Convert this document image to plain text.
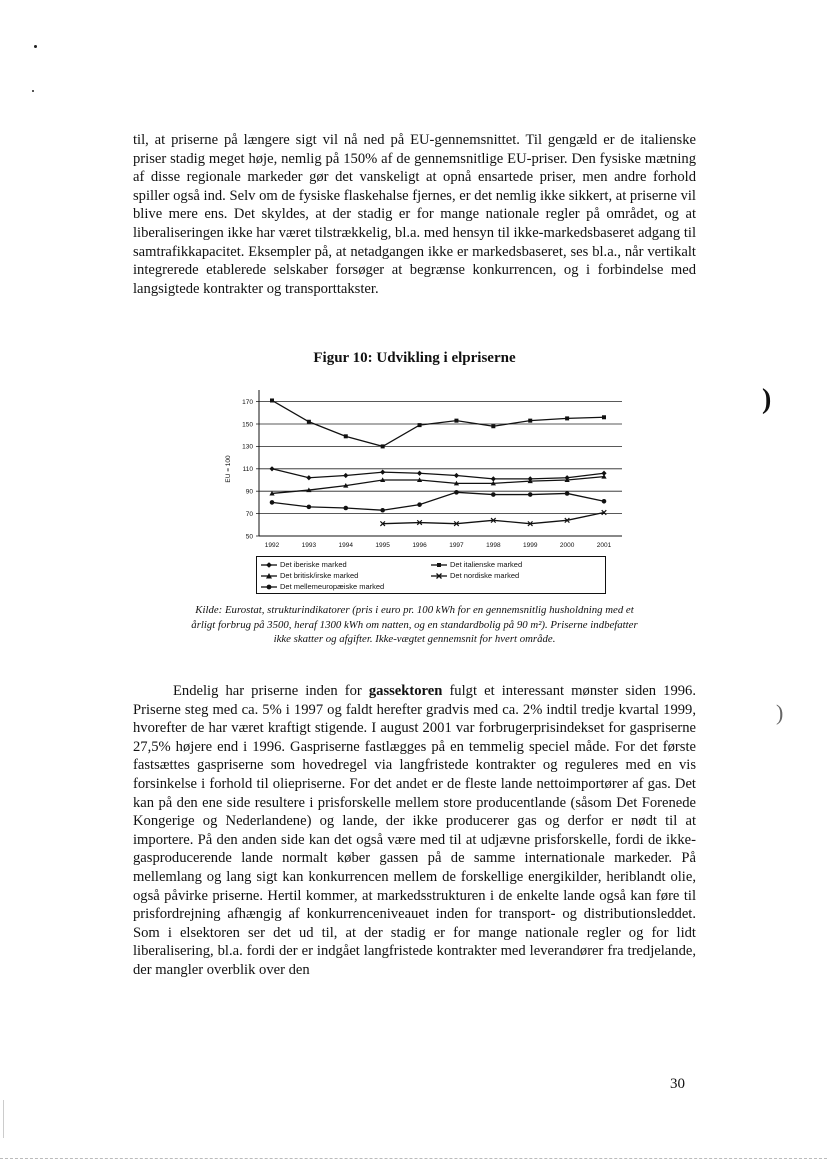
til, at priserne på længere sigt vil nå ned på EU-gennemsnittet. Til gengæld er de italienske priser stadig meget høje, nemlig på 150% af de gennemsnitlige EU-priser. Den fysiske mætning af disse regionale markeder gør det vanskeligt at opnå ensartede priser, men andre forhold spiller også ind. Selv om de fysiske flaskehalse fjernes, er det nemlig ikke sikkert, at priserne vil blive mere ens. Det skyldes, at der stadig er for mange nationale regler på området, og at liberaliseringen ikke har været tilstrækkelig, bl.a. med hensyn til ikke-markedsbaseret adgang til samtrafikkapacitet. Eksempler på, at netadgangen ikke er markedsbaseret, ses bl.a., når vertikalt integrerede etablerede selskaber forsøger at begrænse konkurrencen, og i forbindelse med langsigtede kontrakter og transporttakster.

Figur 10: Udvikling i elpriserne
EU = 100
50
70
90
110
130
150
170
1992	1993	1994	1995	1996	1997	1998	1999	2000	2001
Det iberiske marked
Det britisk/irske marked
Det mellemeuropæiske marked
Det italienske marked
Det nordiske marked
Kilde: Eurostat, strukturindikatorer (pris i euro pr. 100 kWh for en gennemsnitlig husholdning med et
årligt forbrug på 3500, heraf 1300 kWh om natten, og en standardbolig på 90 m²). Priserne indbefatter
ikke skatter og afgifter. Ikke-vægtet gennemsnit for hvert område.

Endelig har priserne inden for gassektoren fulgt et interessant mønster siden 1996. Priserne steg med ca. 5% i 1997 og faldt herefter gradvis med ca. 2% indtil tredje kvartal 1999, hvorefter de har været kraftigt stigende. I august 2001 var forbrugerprisindekset for gaspriserne 27,5% højere end i 1996. Gaspriserne fastlægges på en temmelig speciel måde. For det første fastsættes gaspriserne som hovedregel via langfristede kontrakter og reguleres med en vis forsinkelse i forhold til oliepriserne. For det andet er de fleste lande nettoimportører af gas. Det kan på den ene side resultere i prisforskelle mellem store producentlande (såsom Det Forenede Kongerige og Nederlandene) og lande, der ikke producerer gas og derfor er nødt til at importere. På den anden side kan det også være med til at udjævne prisforskelle, fordi de ikke-gasproducerende lande normalt køber gassen på de samme internationale markeder. På mellemlang og lang sigt kan konkurrencen mellem de forskellige energikilder, heriblandt olie, også påvirke priserne. Hertil kommer, at markedsstrukturen i de enkelte lande også kan føre til prisfordrejning afhængig af konkurrenceniveauet inden for transport- og distributionsleddet. Som i elsektoren ser det ud til, at der stadig er for mange nationale regler og for lidt liberalisering, bl.a. fordi der er indgået langfristede kontrakter med leverandører fra tredjelande, der mangler overblik over den

30
)
)
